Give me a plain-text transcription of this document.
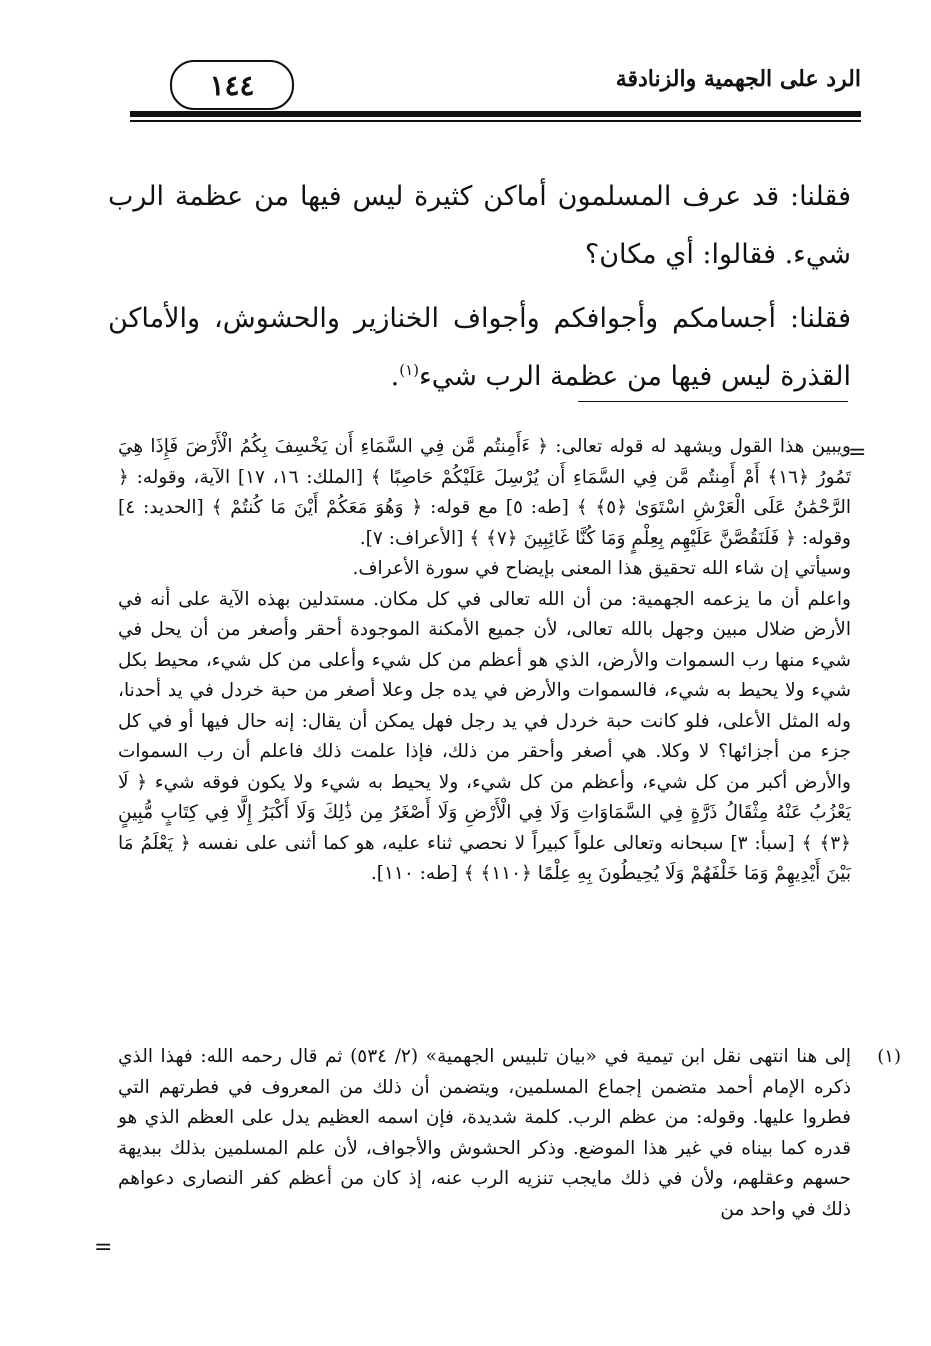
١٤٤	الرد على الجهمية والزنادقة

فقلنا: قد عرف المسلمون أماكن كثيرة ليس فيها من عظمة الرب شيء. فقالوا: أي مكان؟

فقلنا: أجسامكم وأجوافكم وأجواف الخنازير والحشوش، والأماكن القذرة ليس فيها من عظمة الرب شيء$^{(١)}$.

=

ويبين هذا القول ويشهد له قوله تعالى: ﴿ ءَأَمِنتُم مَّن فِي السَّمَاءِ أَن يَخْسِفَ بِكُمُ الْأَرْضَ فَإِذَا هِيَ تَمُورُ ﴿١٦﴾ أَمْ أَمِنتُم مَّن فِي السَّمَاءِ أَن يُرْسِلَ عَلَيْكُمْ حَاصِبًا ﴾ [الملك: ١٦، ١٧] الآية، وقوله: ﴿ الرَّحْمَٰنُ عَلَى الْعَرْشِ اسْتَوَىٰ ﴿٥﴾ ﴾ [طه: ٥] مع قوله: ﴿ وَهُوَ مَعَكُمْ أَيْنَ مَا كُنتُمْ ﴾ [الحديد: ٤] وقوله: ﴿ فَلَنَقُصَّنَّ عَلَيْهِم بِعِلْمٍ وَمَا كُنَّا غَائِبِينَ ﴿٧﴾ ﴾ [الأعراف: ٧].

وسيأتي إن شاء الله تحقيق هذا المعنى بإيضاح في سورة الأعراف.

واعلم أن ما يزعمه الجهمية: من أن الله تعالى في كل مكان. مستدلين بهذه الآية على أنه في الأرض ضلال مبين وجهل بالله تعالى، لأن جميع الأمكنة الموجودة أحقر وأصغر من أن يحل في شيء منها رب السموات والأرض، الذي هو أعظم من كل شيء وأعلى من كل شيء، محيط بكل شيء ولا يحيط به شيء، فالسموات والأرض في يده جل وعلا أصغر من حبة خردل في يد أحدنا، وله المثل الأعلى، فلو كانت حبة خردل في يد رجل فهل يمكن أن يقال: إنه حال فيها أو في كل جزء من أجزائها؟ لا وكلا. هي أصغر وأحقر من ذلك، فإذا علمت ذلك فاعلم أن رب السموات والأرض أكبر من كل شيء، وأعظم من كل شيء، ولا يحيط به شيء ولا يكون فوقه شيء ﴿ لَا يَعْزُبُ عَنْهُ مِثْقَالُ ذَرَّةٍ فِي السَّمَاوَاتِ وَلَا فِي الْأَرْضِ وَلَا أَصْغَرُ مِن ذَٰلِكَ وَلَا أَكْبَرُ إِلَّا فِي كِتَابٍ مُّبِينٍ ﴿٣﴾ ﴾ [سبأ: ٣] سبحانه وتعالى علواً كبيراً لا نحصي ثناء عليه، هو كما أثنى على نفسه ﴿ يَعْلَمُ مَا بَيْنَ أَيْدِيهِمْ وَمَا خَلْفَهُمْ وَلَا يُحِيطُونَ بِهِ عِلْمًا ﴿١١٠﴾ ﴾ [طه: ١١٠].

(١)

إلى هنا انتهى نقل ابن تيمية في «بيان تلبيس الجهمية» (٢/ ٥٣٤) ثم قال رحمه الله: فهذا الذي ذكره الإمام أحمد متضمن إجماع المسلمين، ويتضمن أن ذلك من المعروف في فطرتهم التي فطروا عليها. وقوله: من عظم الرب. كلمة شديدة، فإن اسمه العظيم يدل على العظم الذي هو قدره كما بيناه في غير هذا الموضع. وذكر الحشوش والأجواف، لأن علم المسلمين بذلك ببديهة حسهم وعقلهم، ولأن في ذلك مايجب تنزيه الرب عنه، إذ كان من أعظم كفر النصارى دعواهم ذلك في واحد من

=
